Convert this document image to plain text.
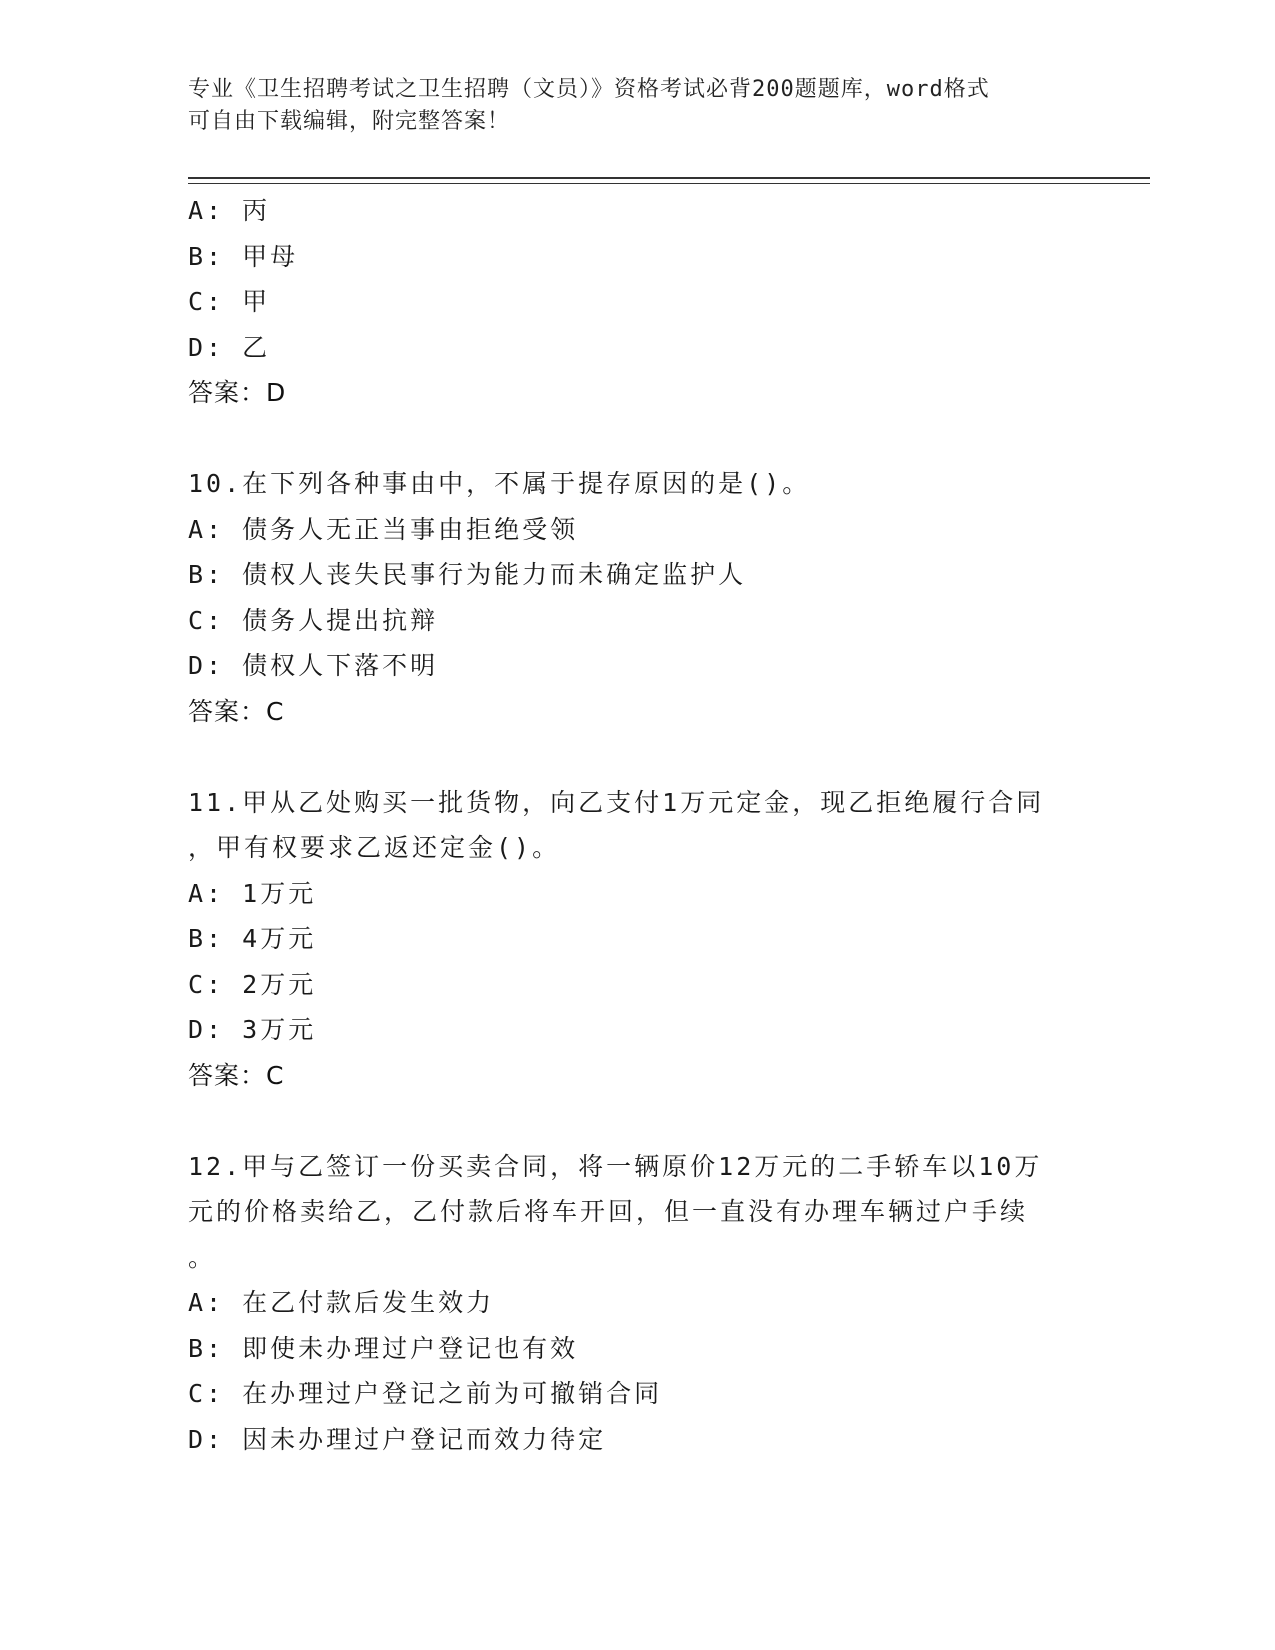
专业《卫生招聘考试之卫生招聘（文员）》资格考试必背200题题库，word格式
可自由下载编辑，附完整答案！
A: 丙
B: 甲母
C: 甲
D: 乙
答案：D
10.在下列各种事由中，不属于提存原因的是()。
A: 债务人无正当事由拒绝受领
B: 债权人丧失民事行为能力而未确定监护人
C: 债务人提出抗辩
D: 债权人下落不明
答案：C
11.甲从乙处购买一批货物，向乙支付1万元定金，现乙拒绝履行合同
，甲有权要求乙返还定金()。
A: 1万元
B: 4万元
C: 2万元
D: 3万元
答案：C
12.甲与乙签订一份买卖合同，将一辆原价12万元的二手轿车以10万
元的价格卖给乙，乙付款后将车开回，但一直没有办理车辆过户手续
。
A: 在乙付款后发生效力
B: 即使未办理过户登记也有效
C: 在办理过户登记之前为可撤销合同
D: 因未办理过户登记而效力待定
